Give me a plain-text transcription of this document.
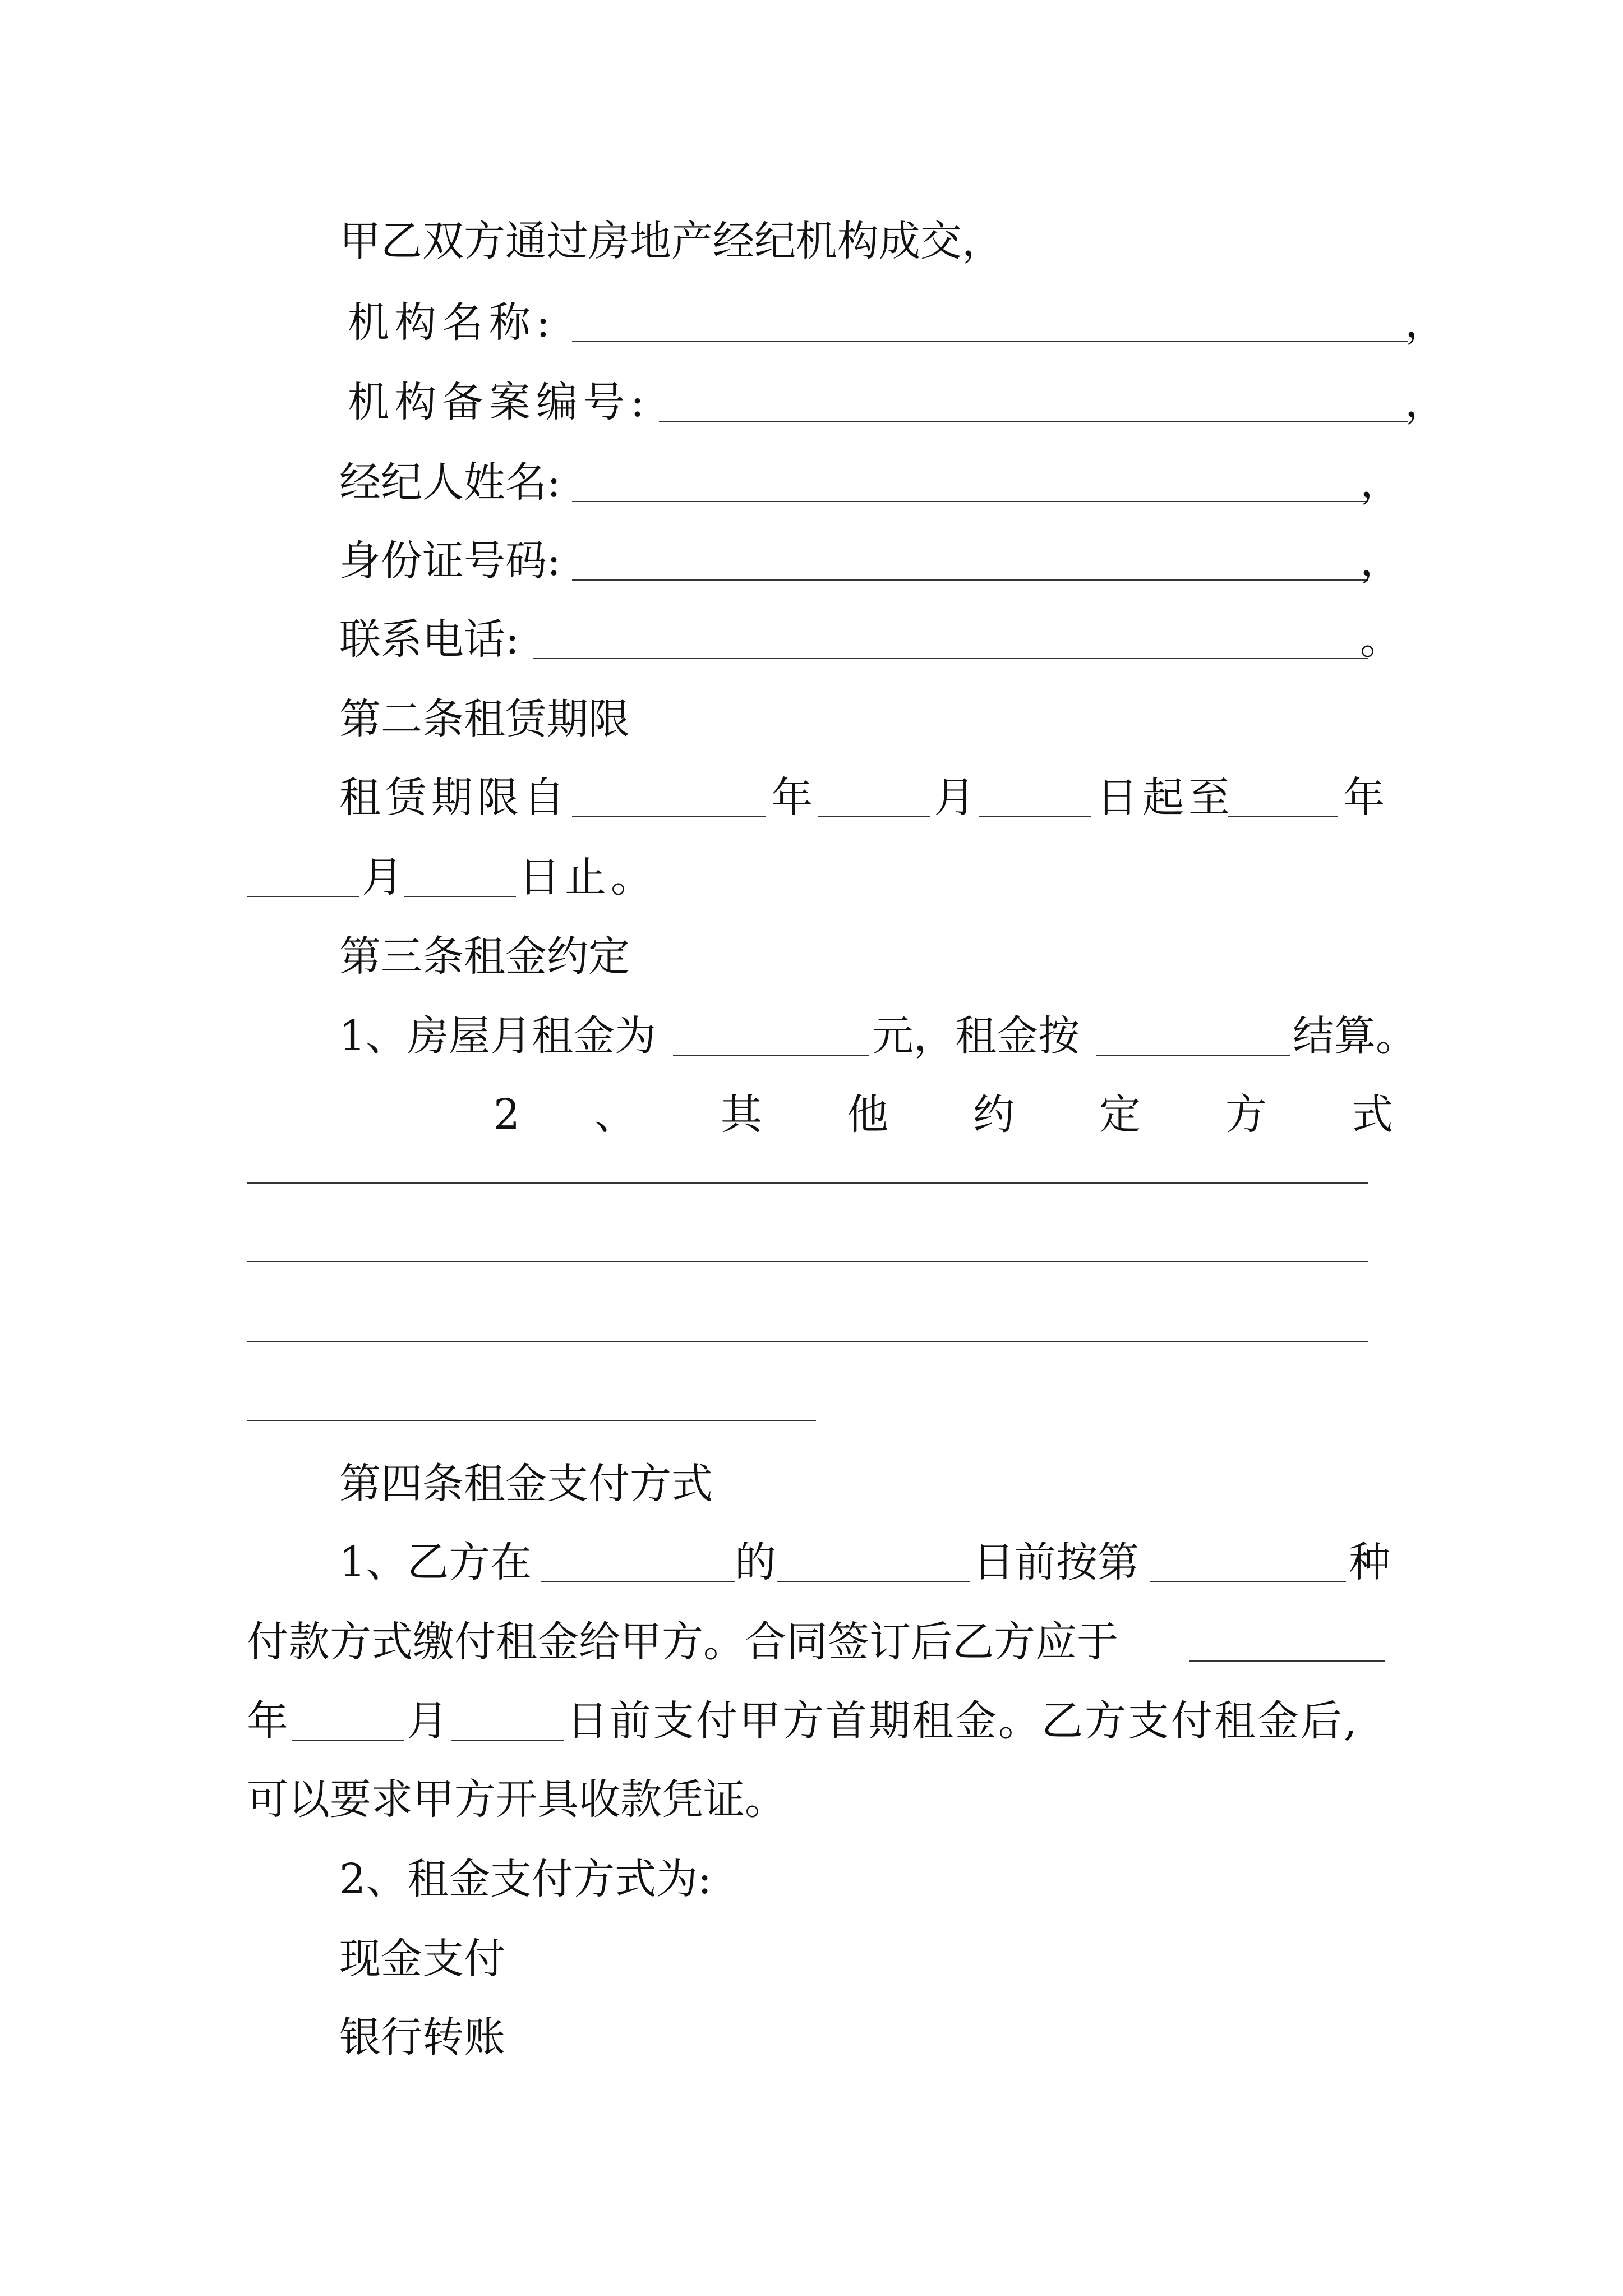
甲乙双方通过房地产经纪机构成交，
机构名称:	，
机构备案编号:	，
经纪人姓名:	，
身份证号码:	，
联系电话:	。
第二条租赁期限
租赁期限自	年	月	日起至	年
月	日止。
第三条租金约定
1、房屋月租金为	元，租金按	结算。
2 、 其 他 约 定 方 式
第四条租金支付方式
1、乙方在	的	日前按第	种
付款方式缴付租金给甲方。合同签订后乙方应于
年	月	日前支付甲方首期租金。乙方支付租金后,
可以要求甲方开具收款凭证。
2、租金支付方式为:
现金支付
银行转账
